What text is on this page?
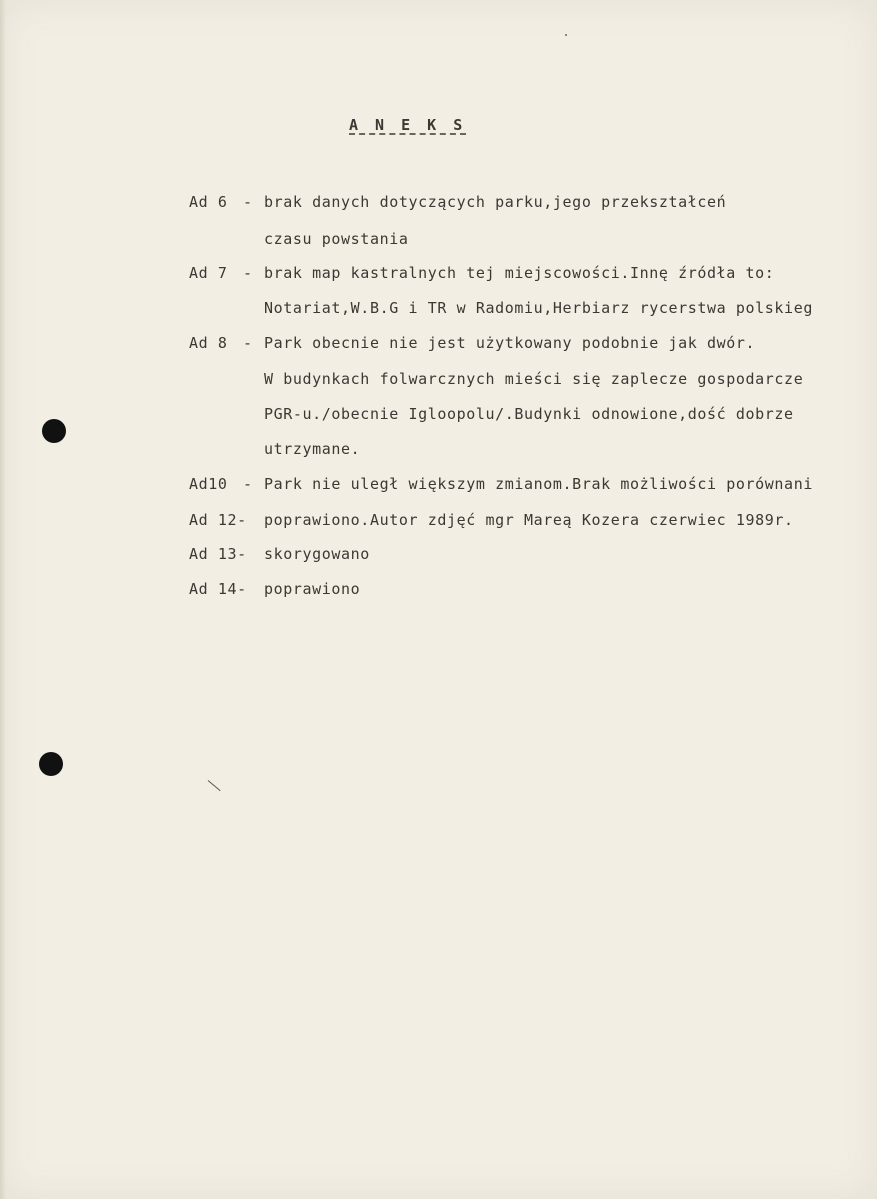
A N E K S
Ad 6 - brak danych dotyczących parku,jego przekształceń
czasu powstania
Ad 7 - brak map kastralnych tej miejscowości.Innę źródła to:
Notariat,W.B.G i TR w Radomiu,Herbiarz rycerstwa polskieg
Ad 8 - Park obecnie nie jest użytkowany podobnie jak dwór.
W budynkach folwarcznych mieści się zaplecze gospodarcze
PGR-u./obecnie Igloopolu/.Budynki odnowione,dość dobrze
utrzymane.
Ad10 - Park nie uległ większym zmianom.Brak możliwości porównani
Ad 12- poprawiono.Autor zdjęć mgr Mareą Kozera czerwiec 1989r.
Ad 13- skorygowano
Ad 14- poprawiono
